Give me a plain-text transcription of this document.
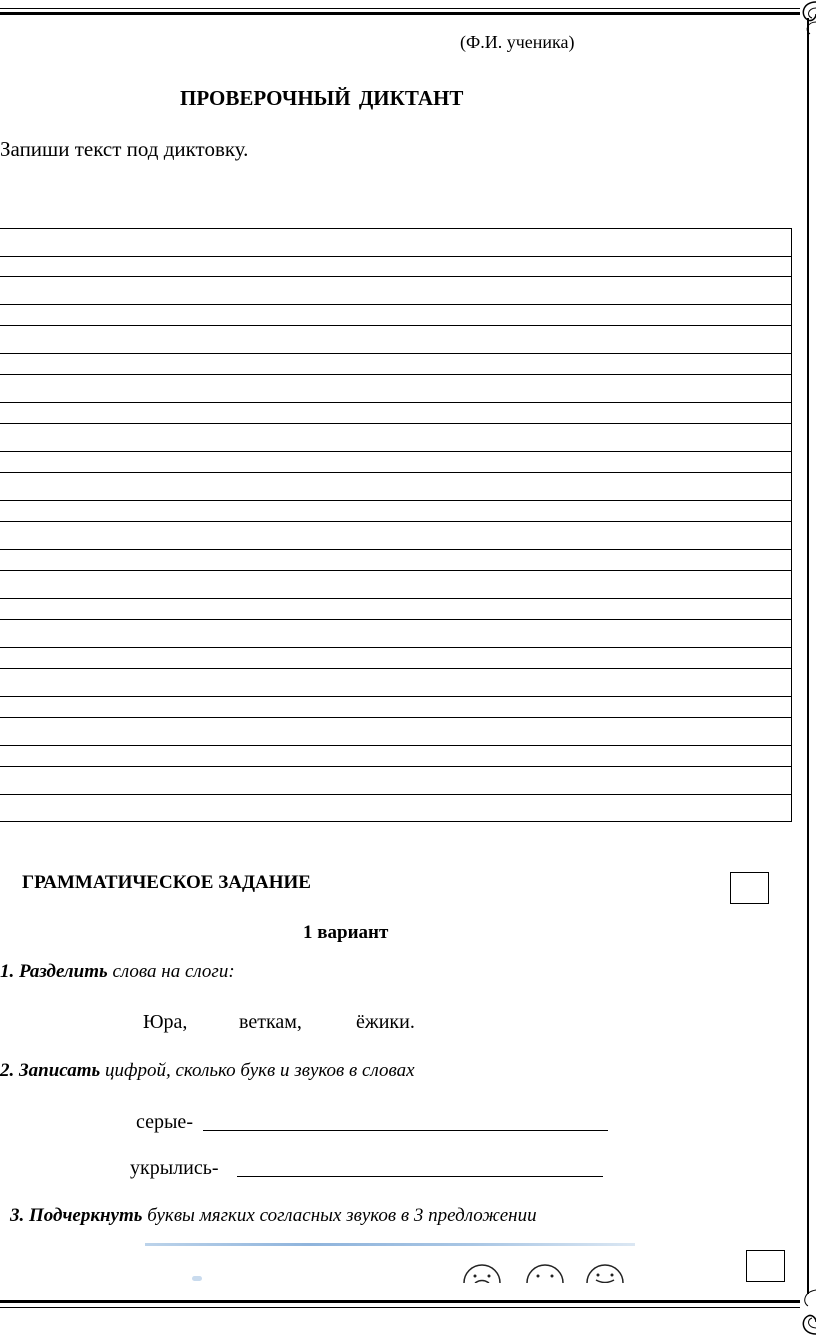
(Ф.И. ученика)
ПРОВЕРОЧНЫЙ ДИКТАНТ
Запиши текст под диктовку.
ГРАММАТИЧЕСКОЕ ЗАДАНИЕ
1 вариант
1. Разделить слова на слоги:
Юра,	веткам,	ёжики.
2. Записать цифрой, сколько букв и звуков в словах
серые-
укрылись-
3. Подчеркнуть буквы мягких согласных звуков в 3 предложении
